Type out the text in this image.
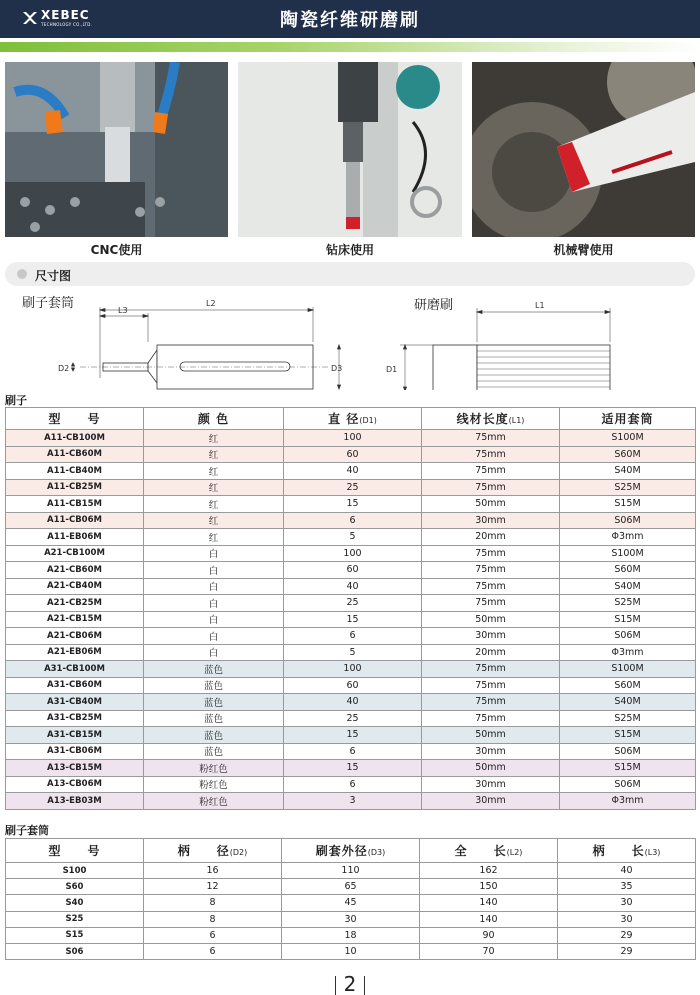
XEBEC
TECHNOLOGY CO.,LTD.	陶瓷纤维研磨刷
CNC使用	钻床使用	机械臂使用
尺寸图
刷子套筒	研磨刷
L2
L3
D2	D3
L1
D1
刷子
型　　号	颜 色	直 径(D1)	线材长度(L1)	适用套筒
A11-CB100M	红	100	75mm	S100M
A11-CB60M	红	60	75mm	S60M
A11-CB40M	红	40	75mm	S40M
A11-CB25M	红	25	75mm	S25M
A11-CB15M	红	15	50mm	S15M
A11-CB06M	红	6	30mm	S06M
A11-EB06M	红	5	20mm	Φ3mm
A21-CB100M	白	100	75mm	S100M
A21-CB60M	白	60	75mm	S60M
A21-CB40M	白	40	75mm	S40M
A21-CB25M	白	25	75mm	S25M
A21-CB15M	白	15	50mm	S15M
A21-CB06M	白	6	30mm	S06M
A21-EB06M	白	5	20mm	Φ3mm
A31-CB100M	蓝色	100	75mm	S100M
A31-CB60M	蓝色	60	75mm	S60M
A31-CB40M	蓝色	40	75mm	S40M
A31-CB25M	蓝色	25	75mm	S25M
A31-CB15M	蓝色	15	50mm	S15M
A31-CB06M	蓝色	6	30mm	S06M
A13-CB15M	粉红色	15	50mm	S15M
A13-CB06M	粉红色	6	30mm	S06M
A13-EB03M	粉红色	3	30mm	Φ3mm
刷子套筒
型　　号	柄　　径(D2)	刷套外径(D3)	全　　长(L2)	柄　　长(L3)
S100	16	110	162	40
S60	12	65	150	35
S40	8	45	140	30
S25	8	30	140	30
S15	6	18	90	29
S06	6	10	70	29
2
